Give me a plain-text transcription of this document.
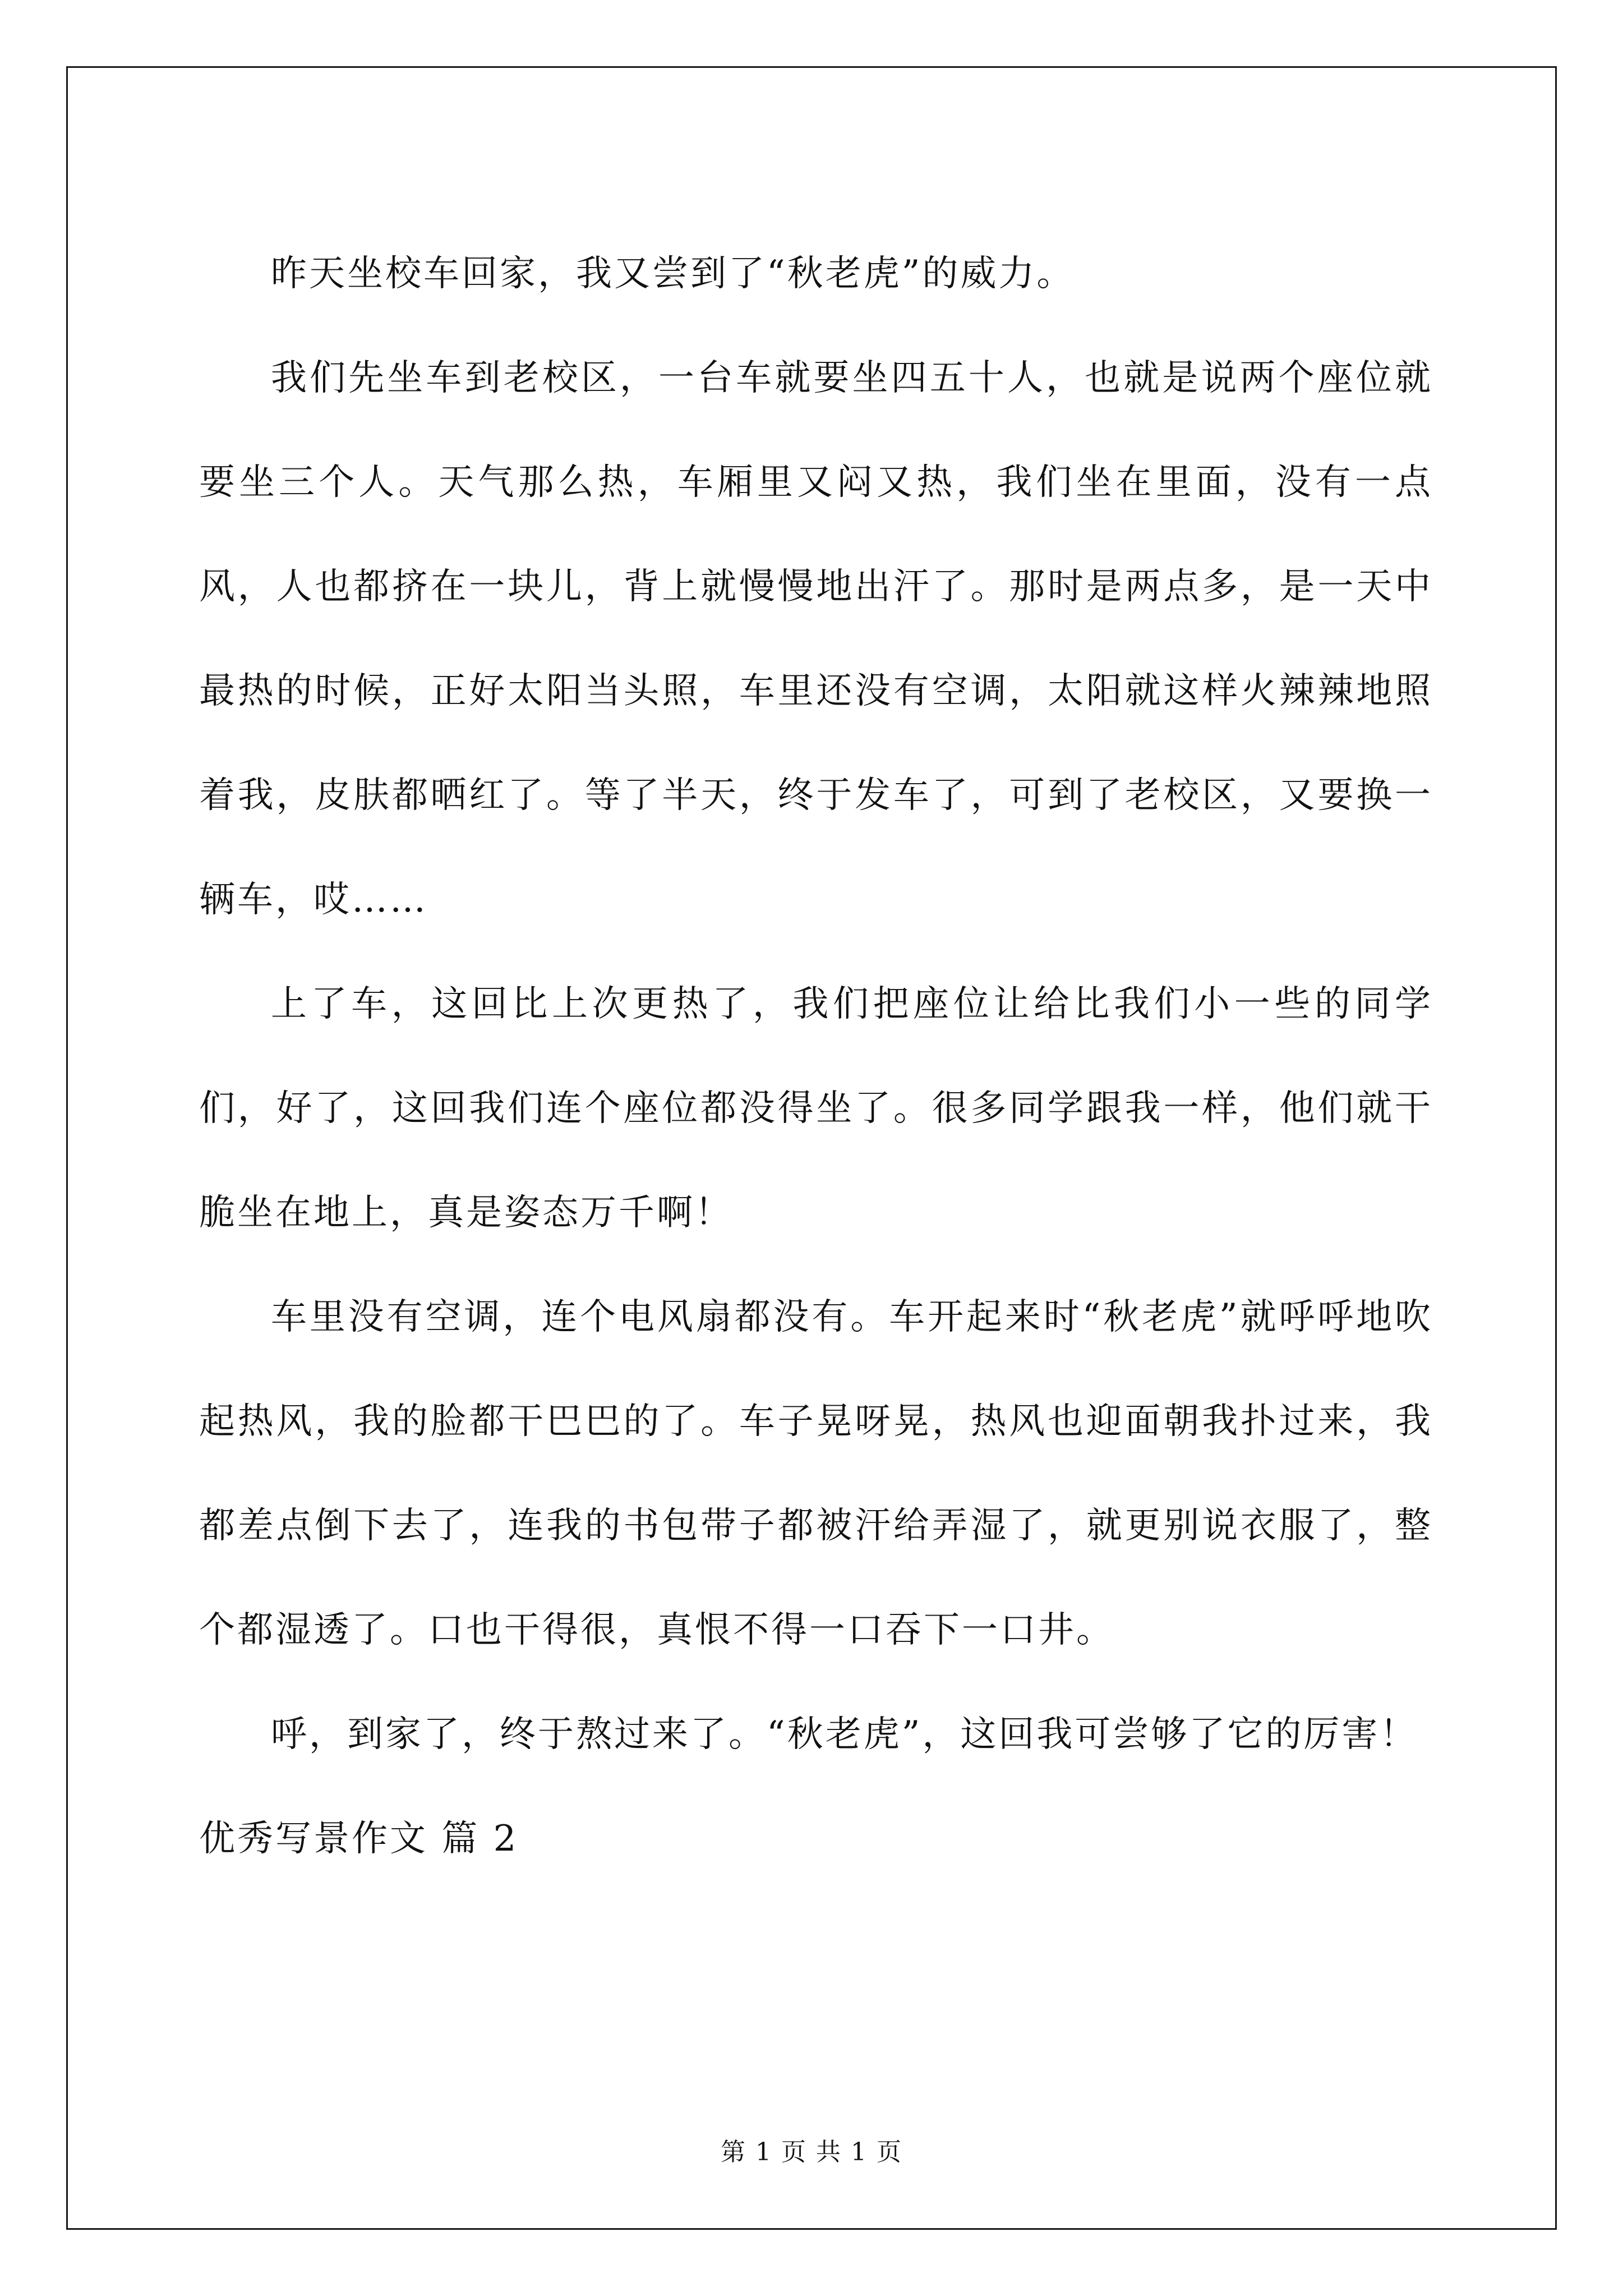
昨天坐校车回家，我又尝到了“秋老虎”的威力。

我们先坐车到老校区，一台车就要坐四五十人，也就是说两个座位就要坐三个人。天气那么热，车厢里又闷又热，我们坐在里面，没有一点风，人也都挤在一块儿，背上就慢慢地出汗了。那时是两点多，是一天中最热的时候，正好太阳当头照，车里还没有空调，太阳就这样火辣辣地照着我，皮肤都晒红了。等了半天，终于发车了，可到了老校区，又要换一辆车，哎……

上了车，这回比上次更热了，我们把座位让给比我们小一些的同学们，好了，这回我们连个座位都没得坐了。很多同学跟我一样，他们就干脆坐在地上，真是姿态万千啊！

车里没有空调，连个电风扇都没有。车开起来时“秋老虎”就呼呼地吹起热风，我的脸都干巴巴的了。车子晃呀晃，热风也迎面朝我扑过来，我都差点倒下去了，连我的书包带子都被汗给弄湿了，就更别说衣服了，整个都湿透了。口也干得很，真恨不得一口吞下一口井。

呼，到家了，终于熬过来了。“秋老虎”，这回我可尝够了它的厉害！

优秀写景作文 篇 2

第 1 页 共 1 页
